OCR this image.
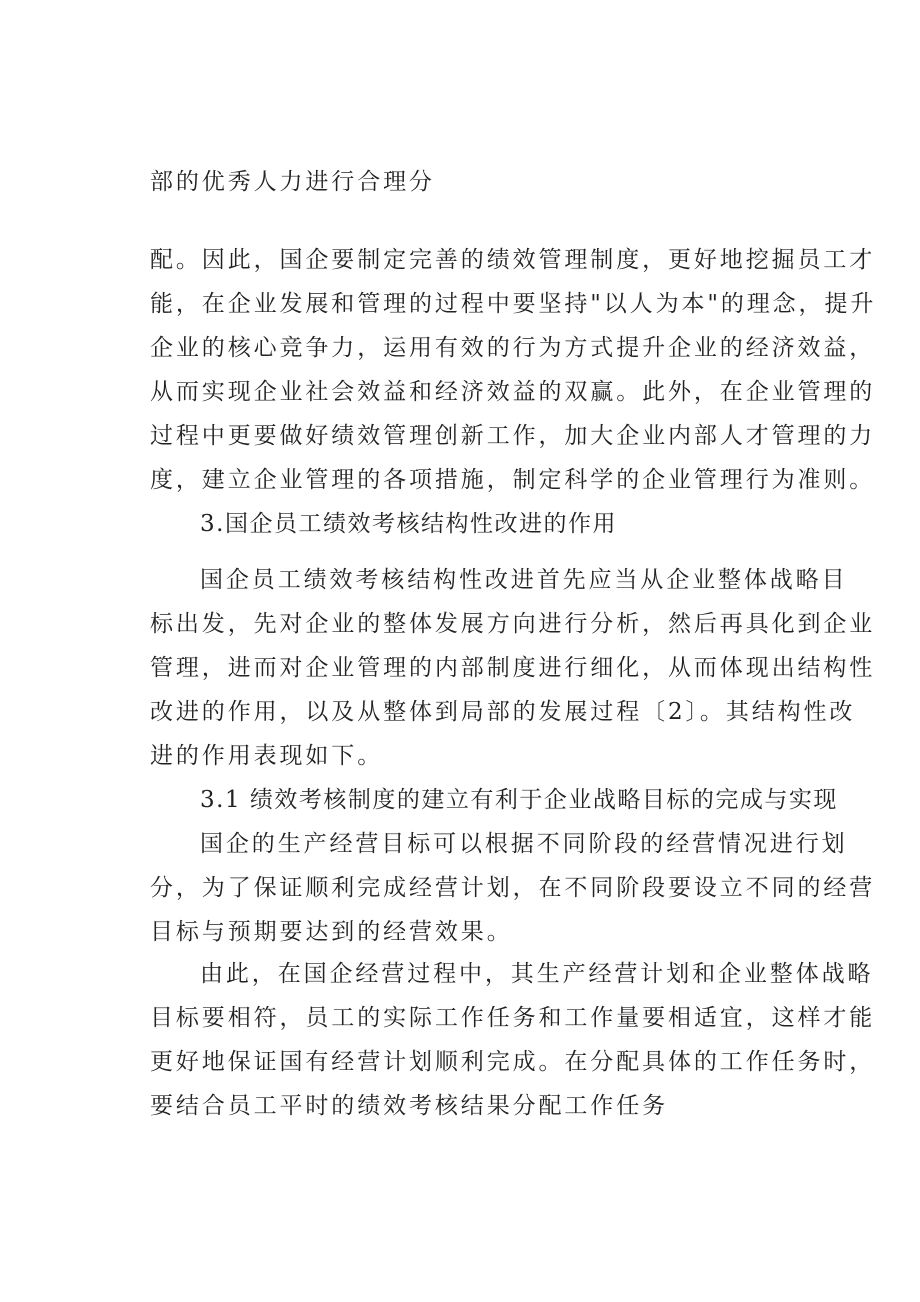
部的优秀人力进行合理分

配。因此，国企要制定完善的绩效管理制度，更好地挖掘员工才

能，在企业发展和管理的过程中要坚持"以人为本"的理念，提升

企业的核心竞争力，运用有效的行为方式提升企业的经济效益，

从而实现企业社会效益和经济效益的双赢。此外，在企业管理的

过程中更要做好绩效管理创新工作，加大企业内部人才管理的力

度，建立企业管理的各项措施，制定科学的企业管理行为准则。

3.国企员工绩效考核结构性改进的作用

国企员工绩效考核结构性改进首先应当从企业整体战略目

标出发，先对企业的整体发展方向进行分析，然后再具化到企业

管理，进而对企业管理的内部制度进行细化，从而体现出结构性

改进的作用，以及从整体到局部的发展过程〔2〕。其结构性改

进的作用表现如下。

3.1 绩效考核制度的建立有利于企业战略目标的完成与实现

国企的生产经营目标可以根据不同阶段的经营情况进行划

分，为了保证顺利完成经营计划，在不同阶段要设立不同的经营

目标与预期要达到的经营效果。

由此，在国企经营过程中，其生产经营计划和企业整体战略

目标要相符，员工的实际工作任务和工作量要相适宜，这样才能

更好地保证国有经营计划顺利完成。在分配具体的工作任务时，

要结合员工平时的绩效考核结果分配工作任务
